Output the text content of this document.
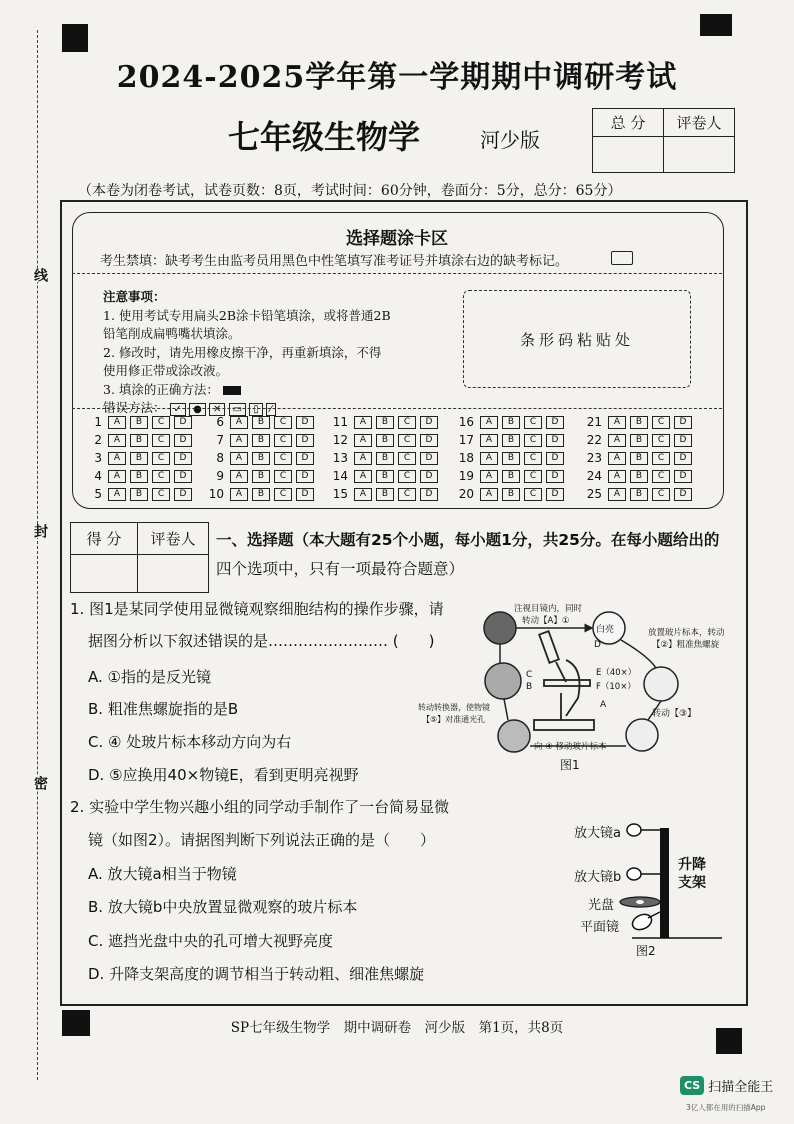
线
封
密
2024-2025学年第一学期期中调研考试
七年级生物学	河少版
总 分	评卷人

（本卷为闭卷考试，试卷页数：8页，考试时间：60分钟，卷面分：5分，总分：65分）
选择题涂卡区
考生禁填：缺考考生由监考员用黑色中性笔填写准考证号并填涂右边的缺考标记。
注意事项：
1. 使用考试专用扁头2B涂卡铅笔填涂，或将普通2B
铅笔削成扁鸭嘴状填涂。
2. 修改时，请先用橡皮擦干净，再重新填涂，不得
使用修正带或涂改液。
3. 填涂的正确方法：
错误方法： ✓ ● ✕ ▭ ▯ ⁄
条形码粘贴处
1	A	B	C	D	6	A	B	C	D	11	A	B	C	D	16	A	B	C	D	21	A	B	C	D
2	A	B	C	D	7	A	B	C	D	12	A	B	C	D	17	A	B	C	D	22	A	B	C	D
3	A	B	C	D	8	A	B	C	D	13	A	B	C	D	18	A	B	C	D	23	A	B	C	D
4	A	B	C	D	9	A	B	C	D	14	A	B	C	D	19	A	B	C	D	24	A	B	C	D
5	A	B	C	D	10	A	B	C	D	15	A	B	C	D	20	A	B	C	D	25	A	B	C	D
得 分	评卷人
	一、选择题（本大题有25个小题，每小题1分，共25分。在每小题给出的
四个选项中，只有一项最符合题意）
1. 图1是某同学使用显微镜观察细胞结构的操作步骤，请
据图分析以下叙述错误的是…………………… (　　)
A. ①指的是反光镜
B. 粗准焦螺旋指的是B
C. ④ 处玻片标本移动方向为右
D. ⑤应换用40×物镜E，看到更明亮视野
注视目镜内，同时
转动【A】①
白亮	放置玻片标本，转动
【②】粗准焦螺旋
E（40×）
F（10×）
转动【③】
转动转换器，使物镜
【⑤】对准通光孔
向 ④ 移动玻片标本
D
C
B
A
图1
2. 实验中学生物兴趣小组的同学动手制作了一台简易显微
镜（如图2）。请据图判断下列说法正确的是（　　）
A. 放大镜a相当于物镜
B. 放大镜b中央放置显微观察的玻片标本
C. 遮挡光盘中央的孔可增大视野亮度
D. 升降支架高度的调节相当于转动粗、细准焦螺旋
放大镜a
放大镜b
光盘
平面镜
升降
支架
图2
SP七年级生物学　期中调研卷　河少版　第1页，共8页
CS 扫描全能王
3亿人都在用的扫描App
